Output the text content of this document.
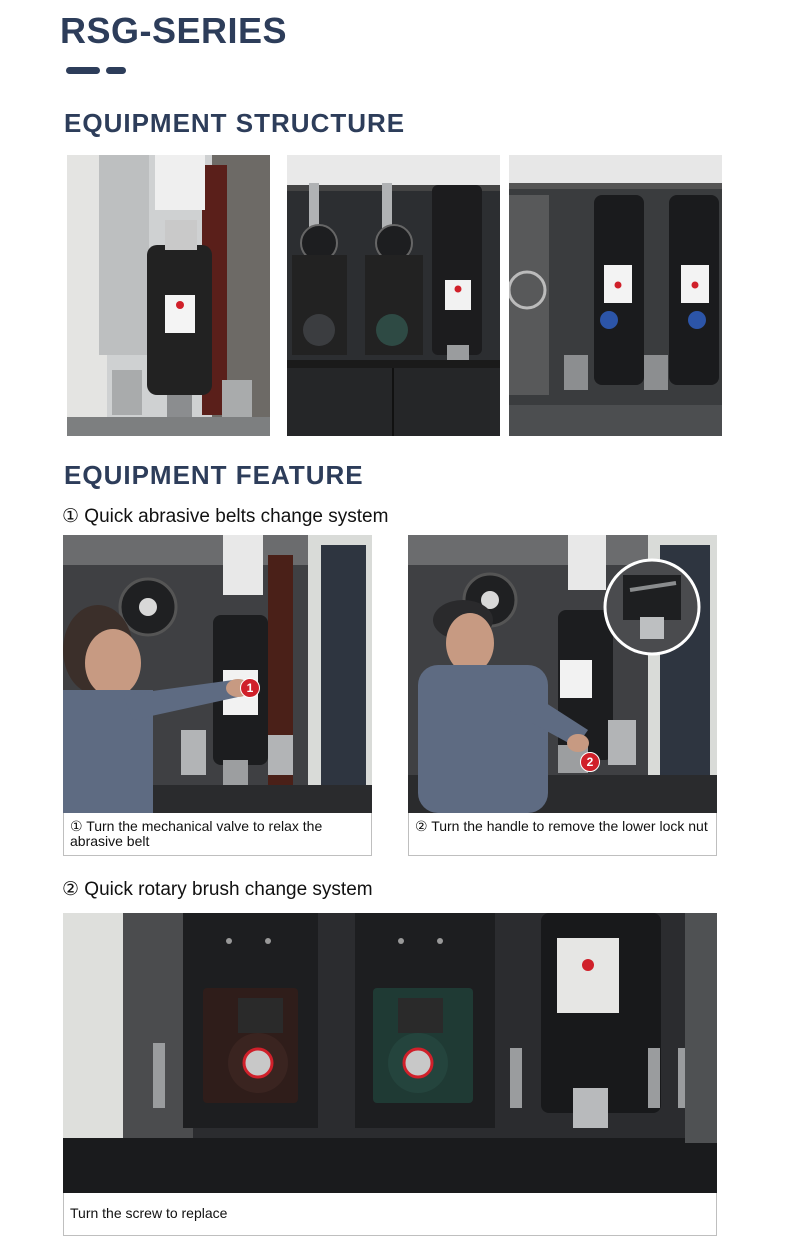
RSG-SERIES
EQUIPMENT STRUCTURE
EQUIPMENT FEATURE
① Quick abrasive belts change system
1
① Turn the mechanical valve to relax the abrasive belt
2
② Turn the handle to remove the lower lock nut
② Quick rotary brush change system
Turn the screw to replace
